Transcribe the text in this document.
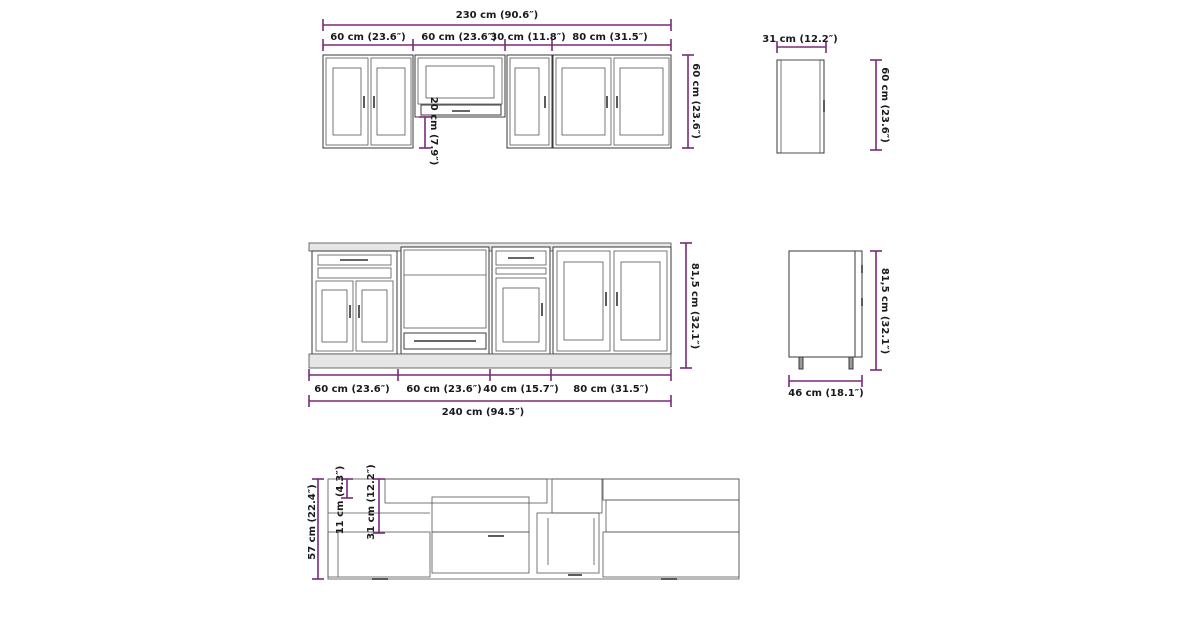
230 cm (90.6″)
60 cm (23.6″) 60 cm (23.6″)
30 cm (11.8″) 80 cm (31.5″)
60 cm (23.6″)
20 cm (7.9″)
31 cm (12.2″)
60 cm (23.6″)
60 cm (23.6″) 60 cm (23.6″) 40 cm (15.7″) 80 cm (31.5″)
240 cm (94.5″)
81,5 cm (32.1″)
46 cm (18.1″)
81,5 cm (32.1″)
57 cm (22.4″) 11 cm (4.3″) 31 cm (12.2″)
